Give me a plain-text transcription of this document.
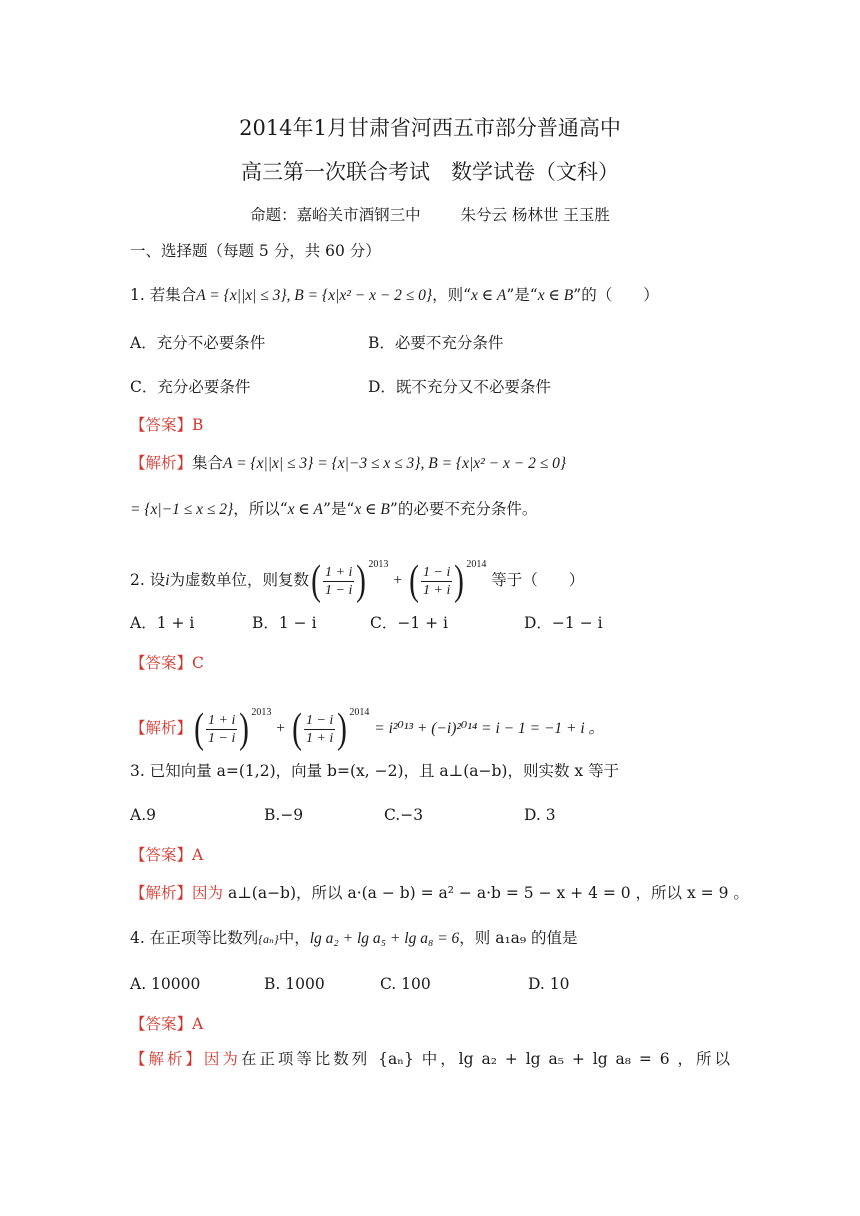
2014年1月甘肃省河西五市部分普通高中
高三第一次联合考试　数学试卷（文科）
命题：嘉峪关市酒钢三中	朱兮云 杨林世 王玉胜
一、选择题（每题 5 分，共 60 分）
1. 若集合A = {x||x| ≤ 3}, B = {x|x² − x − 2 ≤ 0}，则“x ∈ A”是“x ∈ B”的（　　）
A．充分不必要条件	B．必要不充分条件
C．充分必要条件	D．既不充分又不必要条件
【答案】B
【解析】集合A = {x||x| ≤ 3} = {x|−3 ≤ x ≤ 3}, B = {x|x² − x − 2 ≤ 0}
= {x|−1 ≤ x ≤ 2}，所以“x ∈ A”是“x ∈ B”的必要不充分条件。
2. 设i为虚数单位，则复数( $\frac{1 + i}{1 - i}$ ) $^{2013}$ + ( $\frac{1 - i}{1 + i}$ ) $^{2014}$ 等于（　　）
A．1 + i	B．1 − i	C．−1 + i	D．−1 − i
【答案】C
【解析】( $\frac{1 + i}{1 - i}$ ) $^{2013}$ + ( $\frac{1 - i}{1 + i}$ ) $^{2014}$ = i²⁰¹³ + (−i)²⁰¹⁴ = i − 1 = −1 + i 。
3. 已知向量 a=(1,2)，向量 b=(x, −2)，且 a⊥(a−b)，则实数 x 等于
A.9	B.−9	C.−3	D. 3
【答案】A
【解析】因为 a⊥(a−b)，所以 a·(a − b) = a² − a·b = 5 − x + 4 = 0 ，所以 x = 9 。
4. 在正项等比数列{aₙ}中，lg a₂ + lg a₅ + lg a₈ = 6，则 a₁a₉ 的值是
A. 10000	B. 1000	C. 100	D. 10
【答案】A
【解析】因为在正项等比数列 {aₙ} 中，lg a₂ + lg a₅ + lg a₈ = 6 ，所以
